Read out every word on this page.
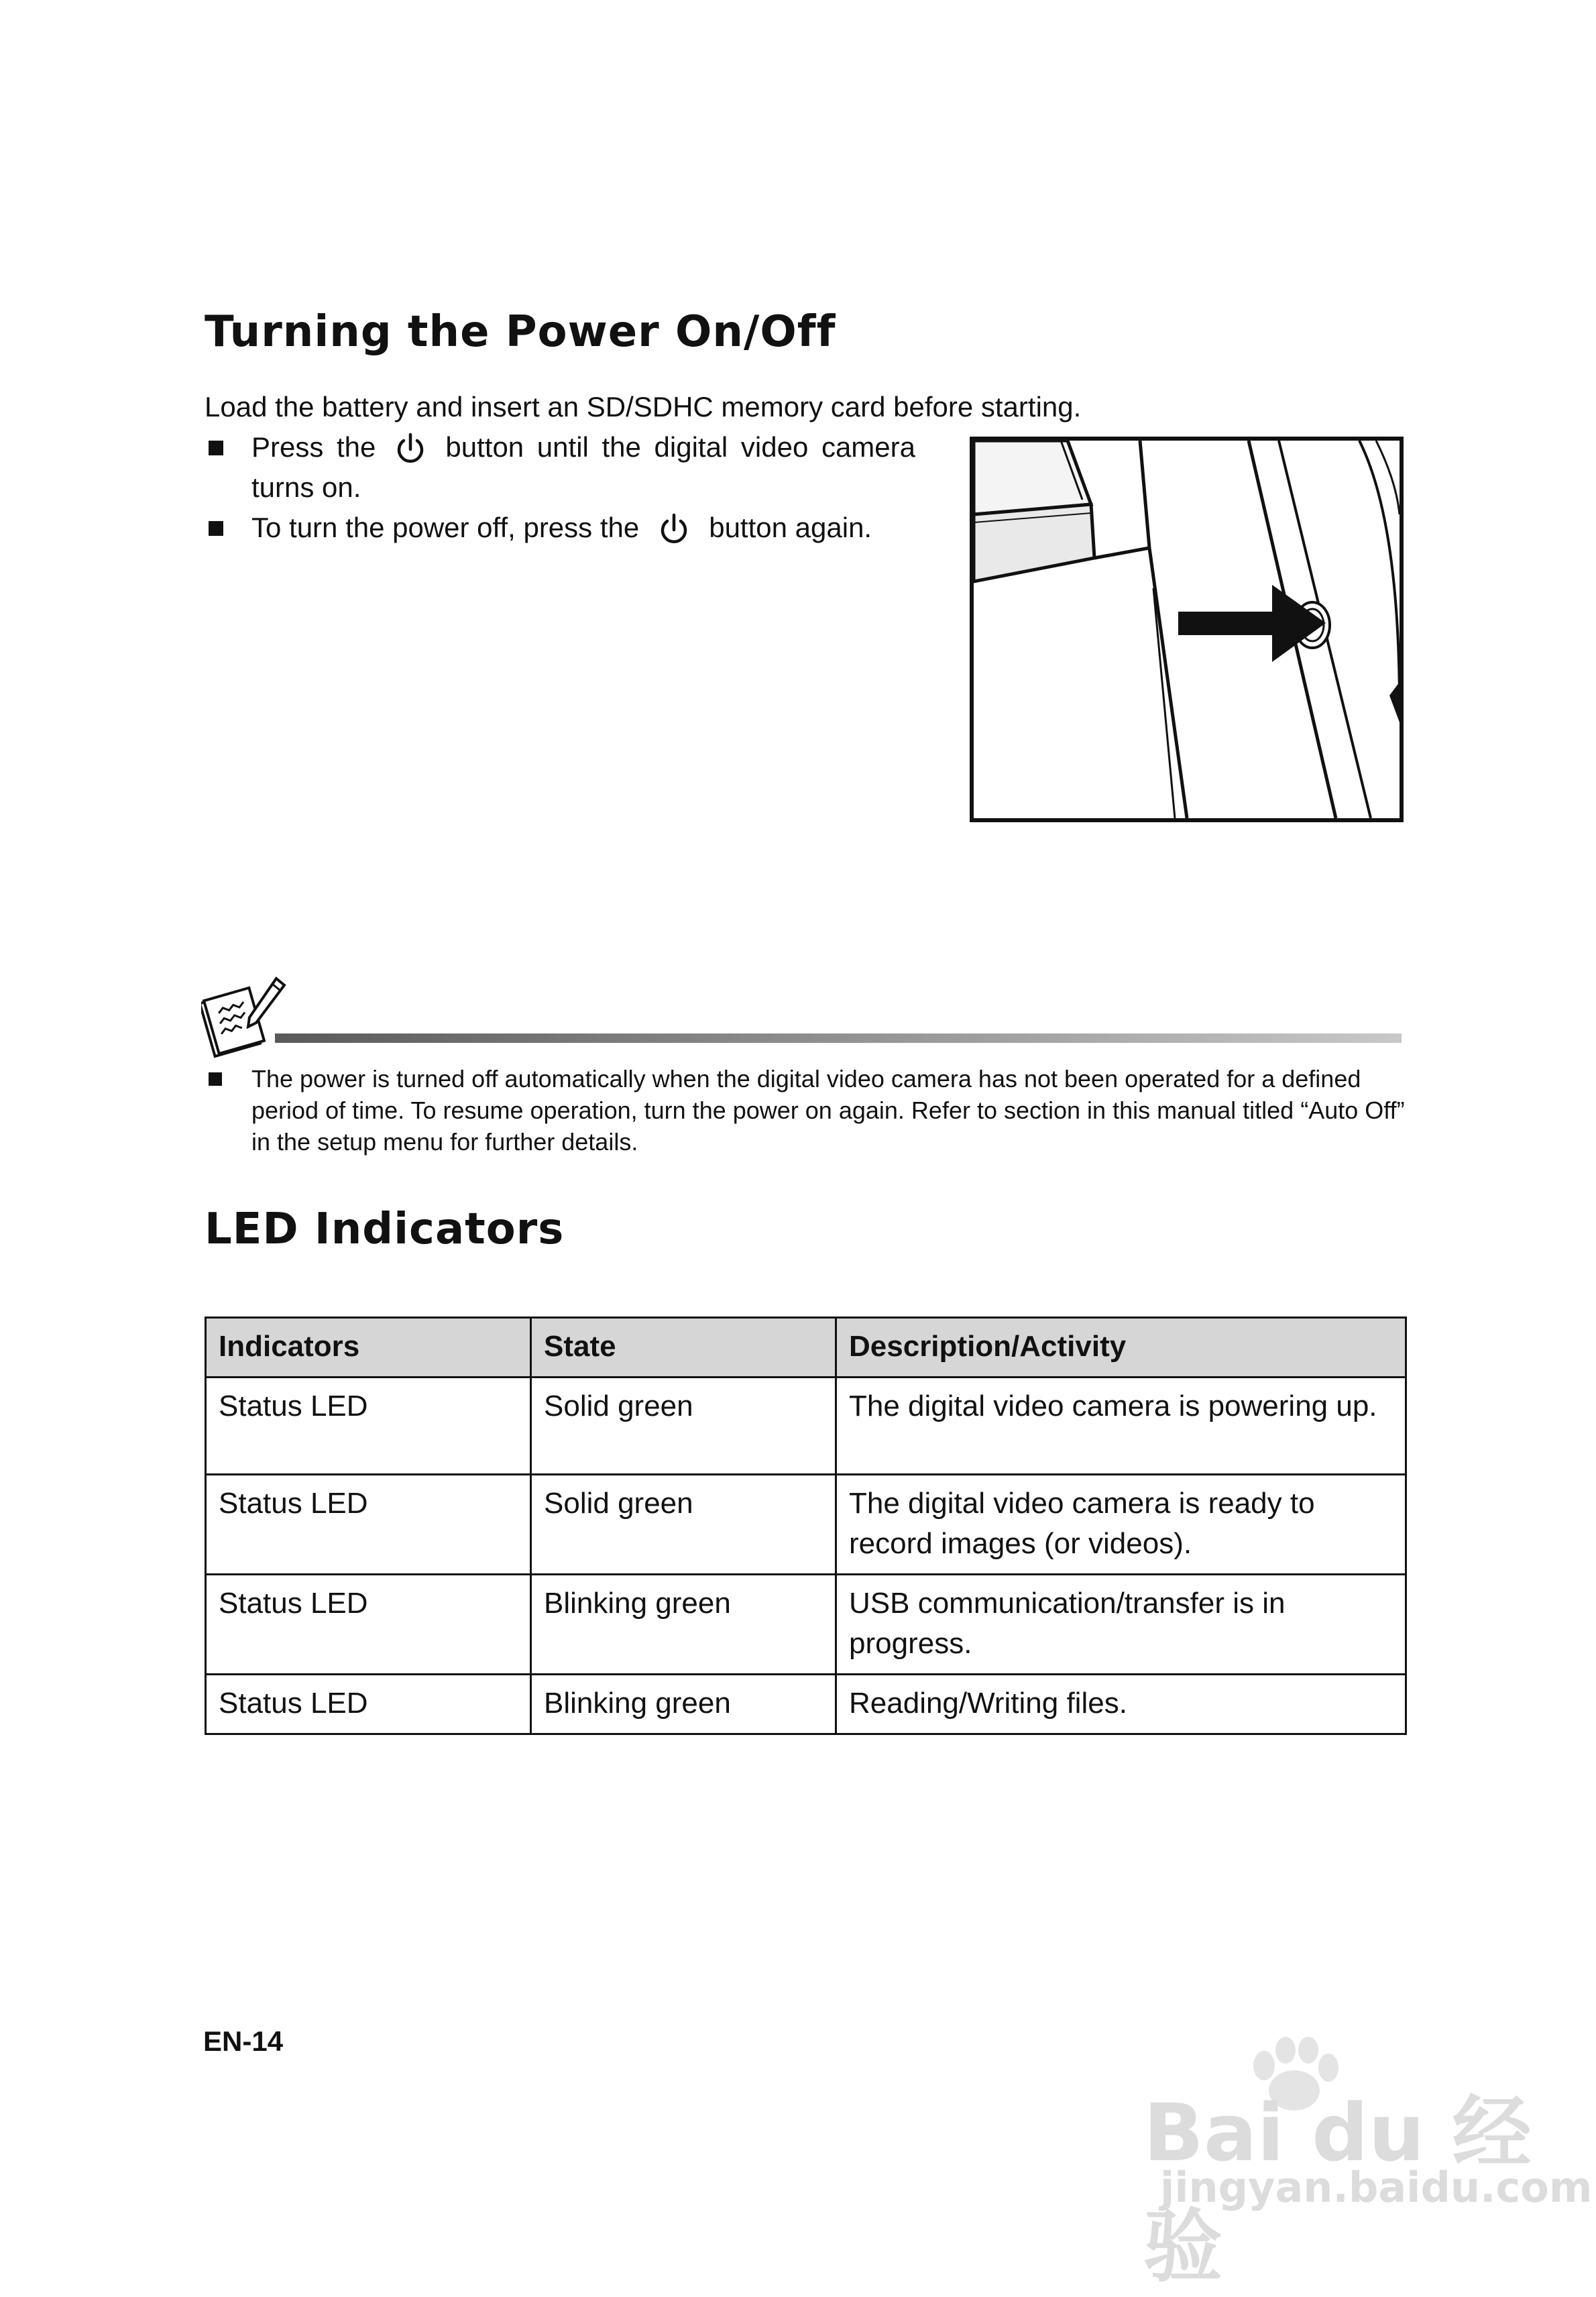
Turning the Power On/Off
Load the battery and insert an SD/SDHC memory card before starting.
Press the button until the digital video camera turns on.
To turn the power off, press the button again.
The power is turned off automatically when the digital video camera has not been operated for a defined period of time. To resume operation, turn the power on again. Refer to section in this manual titled “Auto Off” in the setup menu for further details.
LED Indicators
Indicators	State	Description/Activity
Status LED	Solid green	The digital video camera is powering up.
Status LED	Solid green	The digital video camera is ready to record images (or videos).
Status LED	Blinking green	USB communication/transfer is in progress.
Status LED	Blinking green	Reading/Writing files.
EN-14
Bai du 经验
jingyan.baidu.com
